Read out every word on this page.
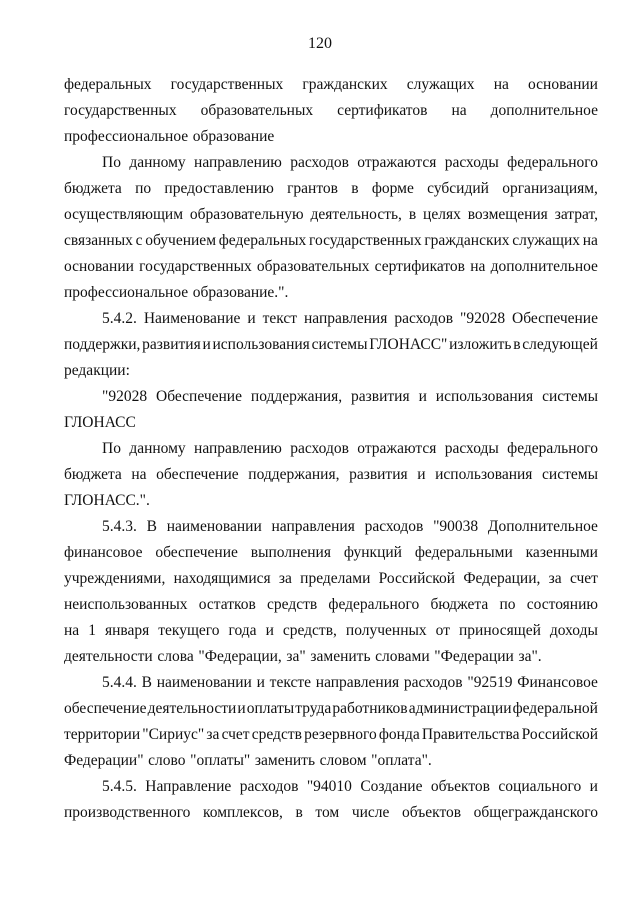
120
федеральных государственных гражданских служащих на основании
государственных образовательных сертификатов на дополнительное
профессиональное образование
По данному направлению расходов отражаются расходы федерального
бюджета по предоставлению грантов в форме субсидий организациям,
осуществляющим образовательную деятельность, в целях возмещения затрат,
связанных с обучением федеральных государственных гражданских служащих на
основании государственных образовательных сертификатов на дополнительное
профессиональное образование.".
5.4.2. Наименование и текст направления расходов "92028 Обеспечение
поддержки, развития и использования системы ГЛОНАСС" изложить в следующей
редакции:
"92028 Обеспечение поддержания, развития и использования системы
ГЛОНАСС
По данному направлению расходов отражаются расходы федерального
бюджета на обеспечение поддержания, развития и использования системы
ГЛОНАСС.".
5.4.3. В наименовании направления расходов "90038 Дополнительное
финансовое обеспечение выполнения функций федеральными казенными
учреждениями, находящимися за пределами Российской Федерации, за счет
неиспользованных остатков средств федерального бюджета по состоянию
на 1 января текущего года и средств, полученных от приносящей доходы
деятельности слова "Федерации, за" заменить словами "Федерации за".
5.4.4. В наименовании и тексте направления расходов "92519 Финансовое
обеспечение деятельности и оплаты труда работников администрации федеральной
территории "Сириус" за счет средств резервного фонда Правительства Российской
Федерации" слово "оплаты" заменить словом "оплата".
5.4.5. Направление расходов "94010 Создание объектов социального и
производственного комплексов, в том числе объектов общегражданского
